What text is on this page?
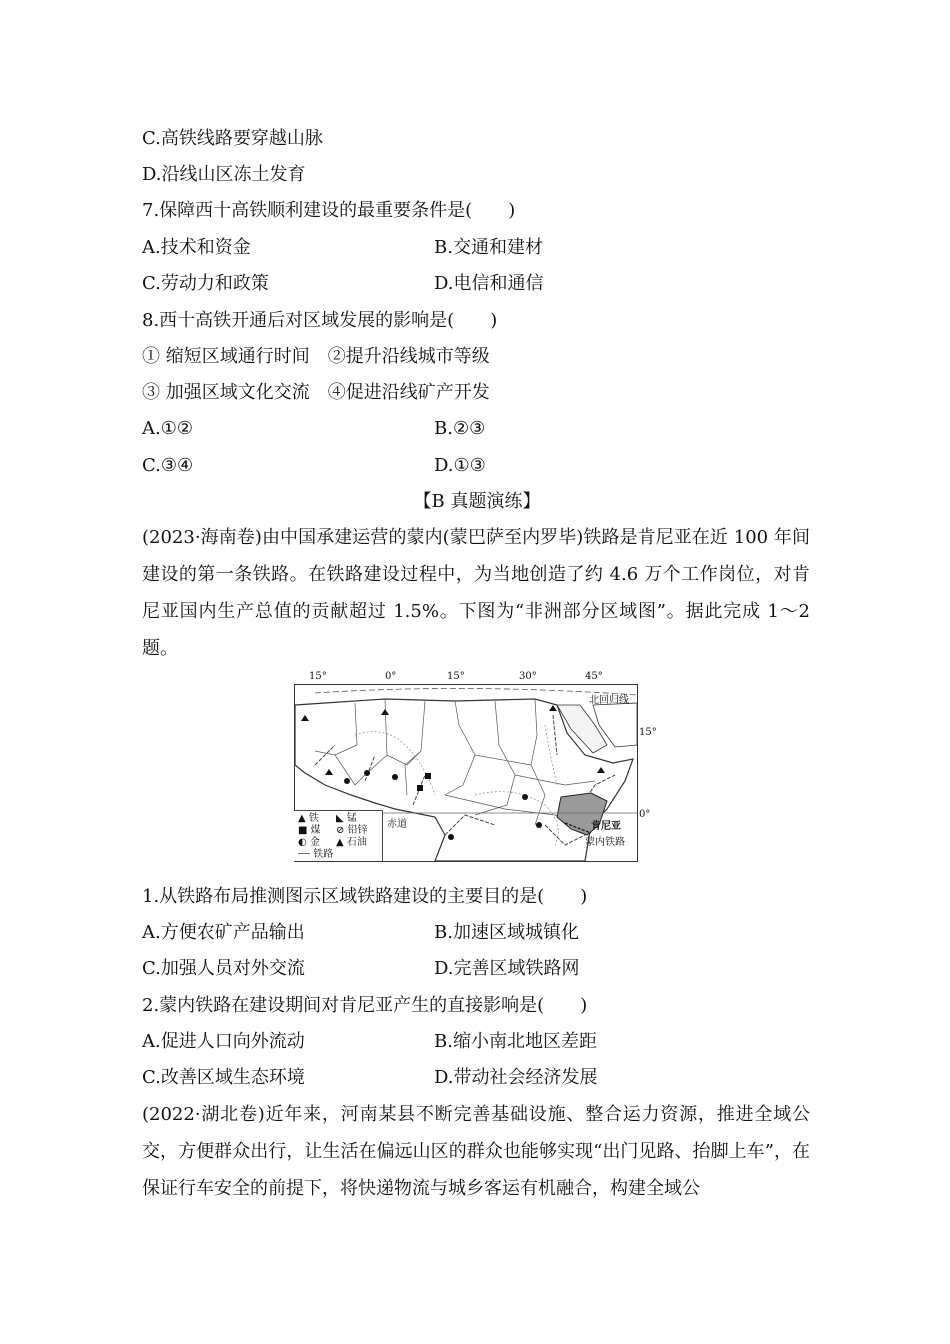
C.高铁线路要穿越山脉
D.沿线山区冻土发育
7.保障西十高铁顺利建设的最重要条件是(　　)
A.技术和资金	B.交通和建材
C.劳动力和政策	D.电信和通信
8.西十高铁开通后对区域发展的影响是(　　)
① 缩短区域通行时间　②提升沿线城市等级
③ 加强区域文化交流　④促进沿线矿产开发
A.①②	B.②③
C.③④	D.①③
【B 真题演练】
(2023·海南卷)由中国承建运营的蒙内(蒙巴萨至内罗毕)铁路是肯尼亚在近 100 年间建设的第一条铁路。在铁路建设过程中，为当地创造了约 4.6 万个工作岗位，对肯尼亚国内生产总值的贡献超过 1.5%。下图为“非洲部分区域图”。据此完成 1～2 题。
15°	0°	15°	30°	45°
15°
0°
北回归线
赤道	肯尼亚
蒙内铁路
▲ 铁 ◣ 锰
■ 煤 ⊘ 铅锌
◐ 金 ▲ 石油
┄┄ 铁路
1.从铁路布局推测图示区域铁路建设的主要目的是(　　)
A.方便农矿产品输出	B.加速区域城镇化
C.加强人员对外交流	D.完善区域铁路网
2.蒙内铁路在建设期间对肯尼亚产生的直接影响是(　　)
A.促进人口向外流动	B.缩小南北地区差距
C.改善区域生态环境	D.带动社会经济发展
(2022·湖北卷)近年来，河南某县不断完善基础设施、整合运力资源，推进全域公交，方便群众出行，让生活在偏远山区的群众也能够实现“出门见路、抬脚上车”，在保证行车安全的前提下，将快递物流与城乡客运有机融合，构建全域公
